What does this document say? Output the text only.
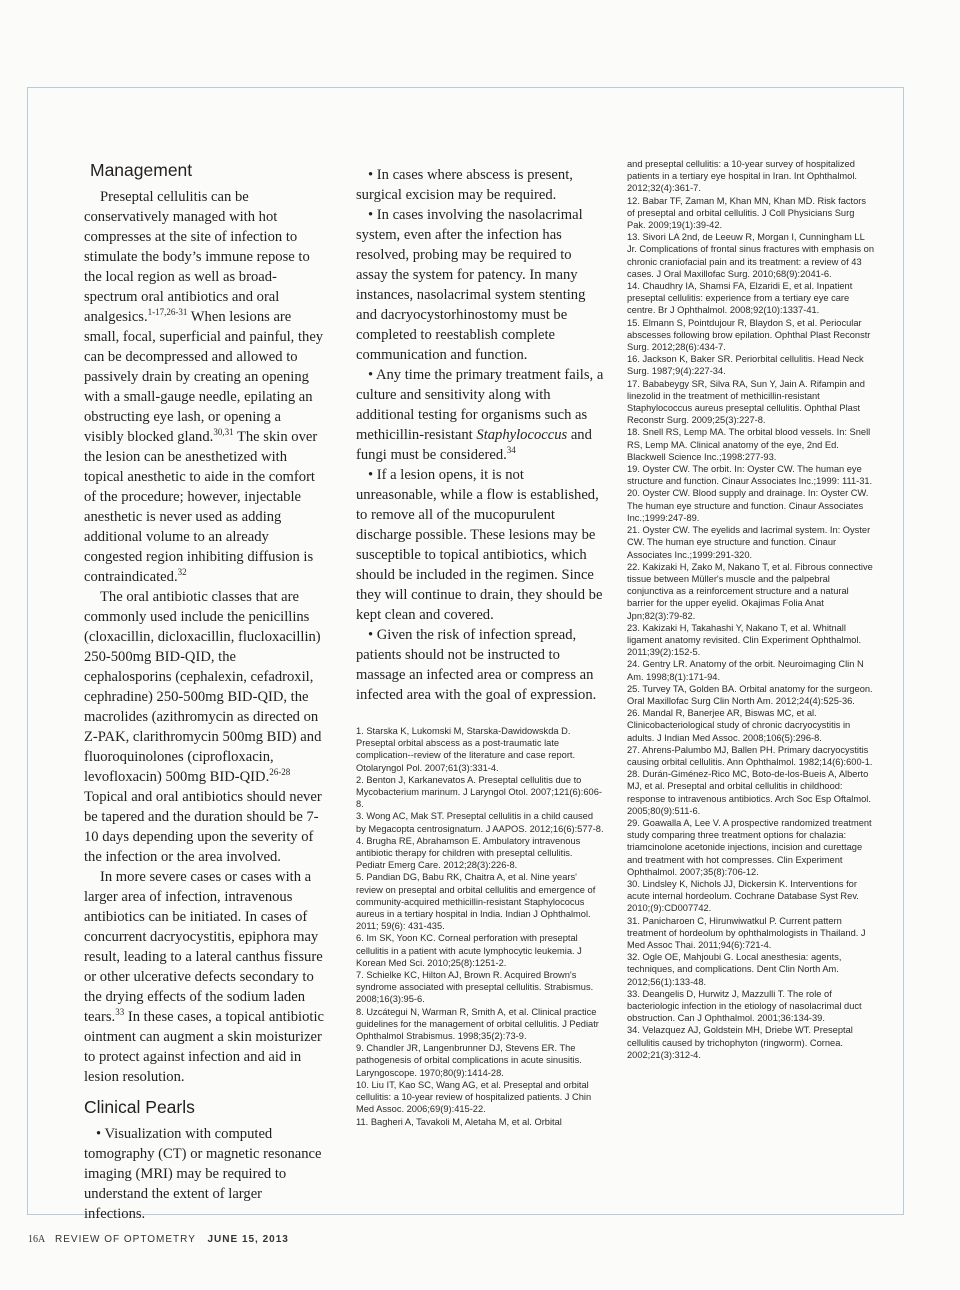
Management

Preseptal cellulitis can be conservatively managed with hot compresses at the site of infection to stimulate the body’s immune repose to the local region as well as broad-spectrum oral antibiotics and oral analgesics.$^{1-17,26-31}$ When lesions are small, focal, superficial and painful, they can be decompressed and allowed to passively drain by creating an opening with a small-gauge needle, epilating an obstructing eye lash, or opening a visibly blocked gland.$^{30,31}$ The skin over the lesion can be anesthetized with topical anesthetic to aide in the comfort of the procedure; however, injectable anesthetic is never used as adding additional volume to an already congested region inhibiting diffusion is contraindicated.$^{32}$

The oral antibiotic classes that are commonly used include the penicillins (cloxacillin, dicloxacillin, flucloxacillin) 250-500mg BID-QID, the cephalosporins (cephalexin, cefadroxil, cephradine) 250-500mg BID-QID, the macrolides (azithromycin as directed on Z-PAK, clarithromycin 500mg BID) and fluoroquinolones (ciprofloxacin, levofloxacin) 500mg BID-QID.$^{26-28}$ Topical and oral antibiotics should never be tapered and the duration should be 7-10 days depending upon the severity of the infection or the area involved.

In more severe cases or cases with a larger area of infection, intravenous antibiotics can be initiated. In cases of concurrent dacryocystitis, epiphora may result, leading to a lateral canthus fissure or other ulcerative defects secondary to the drying effects of the sodium laden tears.$^{33}$ In these cases, a topical antibiotic ointment can augment a skin moisturizer to protect against infection and aid in lesion resolution.

Clinical Pearls

• Visualization with computed tomography (CT) or magnetic resonance imaging (MRI) may be required to understand the extent of larger infections.

• In cases where abscess is present, surgical excision may be required.

• In cases involving the nasolacrimal system, even after the infection has resolved, probing may be required to assay the system for patency. In many instances, nasolacrimal system stenting and dacryocystorhinostomy must be completed to reestablish complete communication and function.

• Any time the primary treatment fails, a culture and sensitivity along with additional testing for organisms such as methicillin-resistant Staphylococcus and fungi must be considered.$^{34}$

• If a lesion opens, it is not unreasonable, while a flow is established, to remove all of the mucopurulent discharge possible. These lesions may be susceptible to topical antibiotics, which should be included in the regimen. Since they will continue to drain, they should be kept clean and covered.

• Given the risk of infection spread, patients should not be instructed to massage an infected area or compress an infected area with the goal of expression.

1. Starska K, Lukomski M, Starska-Dawidowskda D. Preseptal orbital abscess as a post-traumatic late complication--review of the literature and case report. Otolaryngol Pol. 2007;61(3):331-4.
2. Benton J, Karkanevatos A. Preseptal cellulitis due to Mycobacterium marinum. J Laryngol Otol. 2007;121(6):606-8.
3. Wong AC, Mak ST. Preseptal cellulitis in a child caused by Megacopta centrosignatum. J AAPOS. 2012;16(6):577-8.
4. Brugha RE, Abrahamson E. Ambulatory intravenous antibiotic therapy for children with preseptal cellulitis. Pediatr Emerg Care. 2012;28(3):226-8.
5. Pandian DG, Babu RK, Chaitra A, et al. Nine years' review on preseptal and orbital cellulitis and emergence of community-acquired methicillin-resistant Staphylococus aureus in a tertiary hospital in India. Indian J Ophthalmol. 2011; 59(6): 431-435.
6. Im SK, Yoon KC. Corneal perforation with preseptal cellulitis in a patient with acute lymphocytic leukemia. J Korean Med Sci. 2010;25(8):1251-2.
7. Schielke KC, Hilton AJ, Brown R. Acquired Brown's syndrome associated with preseptal cellulitis. Strabismus. 2008;16(3):95-6.
8. Uzcátegui N, Warman R, Smith A, et al. Clinical practice guidelines for the management of orbital cellulitis. J Pediatr Ophthalmol Strabismus. 1998;35(2):73-9.
9. Chandler JR, Langenbrunner DJ, Stevens ER. The pathogenesis of orbital complications in acute sinusitis. Laryngoscope. 1970;80(9):1414-28.
10. Liu IT, Kao SC, Wang AG, et al. Preseptal and orbital cellulitis: a 10-year review of hospitalized patients. J Chin Med Assoc. 2006;69(9):415-22.
11. Bagheri A, Tavakoli M, Aletaha M, et al. Orbital
and preseptal cellulitis: a 10-year survey of hospitalized patients in a tertiary eye hospital in Iran. Int Ophthalmol. 2012;32(4):361-7.
12. Babar TF, Zaman M, Khan MN, Khan MD. Risk factors of preseptal and orbital cellulitis. J Coll Physicians Surg Pak. 2009;19(1):39-42.
13. Sivori LA 2nd, de Leeuw R, Morgan I, Cunningham LL Jr. Complications of frontal sinus fractures with emphasis on chronic craniofacial pain and its treatment: a review of 43 cases. J Oral Maxillofac Surg. 2010;68(9):2041-6.
14. Chaudhry IA, Shamsi FA, Elzaridi E, et al. Inpatient preseptal cellulitis: experience from a tertiary eye care centre. Br J Ophthalmol. 2008;92(10):1337-41.
15. Elmann S, Pointdujour R, Blaydon S, et al. Periocular abscesses following brow epilation. Ophthal Plast Reconstr Surg. 2012;28(6):434-7.
16. Jackson K, Baker SR. Periorbital cellulitis. Head Neck Surg. 1987;9(4):227-34.
17. Bababeygy SR, Silva RA, Sun Y, Jain A. Rifampin and linezolid in the treatment of methicillin-resistant Staphylococcus aureus preseptal cellulitis. Ophthal Plast Reconstr Surg. 2009;25(3):227-8.
18. Snell RS, Lemp MA. The orbital blood vessels. In: Snell RS, Lemp MA. Clinical anatomy of the eye, 2nd Ed. Blackwell Science Inc.;1998:277-93.
19. Oyster CW. The orbit. In: Oyster CW. The human eye structure and function. Cinaur Associates Inc.;1999: 111-31.
20. Oyster CW. Blood supply and drainage. In: Oyster CW. The human eye structure and function. Cinaur Associates Inc.;1999:247-89.
21. Oyster CW. The eyelids and lacrimal system. In: Oyster CW. The human eye structure and function. Cinaur Associates Inc.;1999:291-320.
22. Kakizaki H, Zako M, Nakano T, et al. Fibrous connective tissue between Müller's muscle and the palpebral conjunctiva as a reinforcement structure and a natural barrier for the upper eyelid. Okajimas Folia Anat Jpn;82(3):79-82.
23. Kakizaki H, Takahashi Y, Nakano T, et al. Whitnall ligament anatomy revisited. Clin Experiment Ophthalmol. 2011;39(2):152-5.
24. Gentry LR. Anatomy of the orbit. Neuroimaging Clin N Am. 1998;8(1):171-94.
25. Turvey TA, Golden BA. Orbital anatomy for the surgeon. Oral Maxillofac Surg Clin North Am. 2012;24(4):525-36.
26. Mandal R, Banerjee AR, Biswas MC, et al. Clinicobacteriological study of chronic dacryocystitis in adults. J Indian Med Assoc. 2008;106(5):296-8.
27. Ahrens-Palumbo MJ, Ballen PH. Primary dacryocystitis causing orbital cellulitis. Ann Ophthalmol. 1982;14(6):600-1.
28. Durán-Giménez-Rico MC, Boto-de-los-Bueis A, Alberto MJ, et al. Preseptal and orbital cellulitis in childhood: response to intravenous antibiotics. Arch Soc Esp Oftalmol. 2005;80(9):511-6.
29. Goawalla A, Lee V. A prospective randomized treatment study comparing three treatment options for chalazia: triamcinolone acetonide injections, incision and curettage and treatment with hot compresses. Clin Experiment Ophthalmol. 2007;35(8):706-12.
30. Lindsley K, Nichols JJ, Dickersin K. Interventions for acute internal hordeolum. Cochrane Database Syst Rev. 2010;(9):CD007742.
31. Panicharoen C, Hirunwiwatkul P. Current pattern treatment of hordeolum by ophthalmologists in Thailand. J Med Assoc Thai. 2011;94(6):721-4.
32. Ogle OE, Mahjoubi G. Local anesthesia: agents, techniques, and complications. Dent Clin North Am. 2012;56(1):133-48.
33. Deangelis D, Hurwitz J, Mazzulli T. The role of bacteriologic infection in the etiology of nasolacrimal duct obstruction. Can J Ophthalmol. 2001;36:134-39.
34. Velazquez AJ, Goldstein MH, Driebe WT. Preseptal cellulitis caused by trichophyton (ringworm). Cornea. 2002;21(3):312-4.
16A REVIEW OF OPTOMETRY JUNE 15, 2013
